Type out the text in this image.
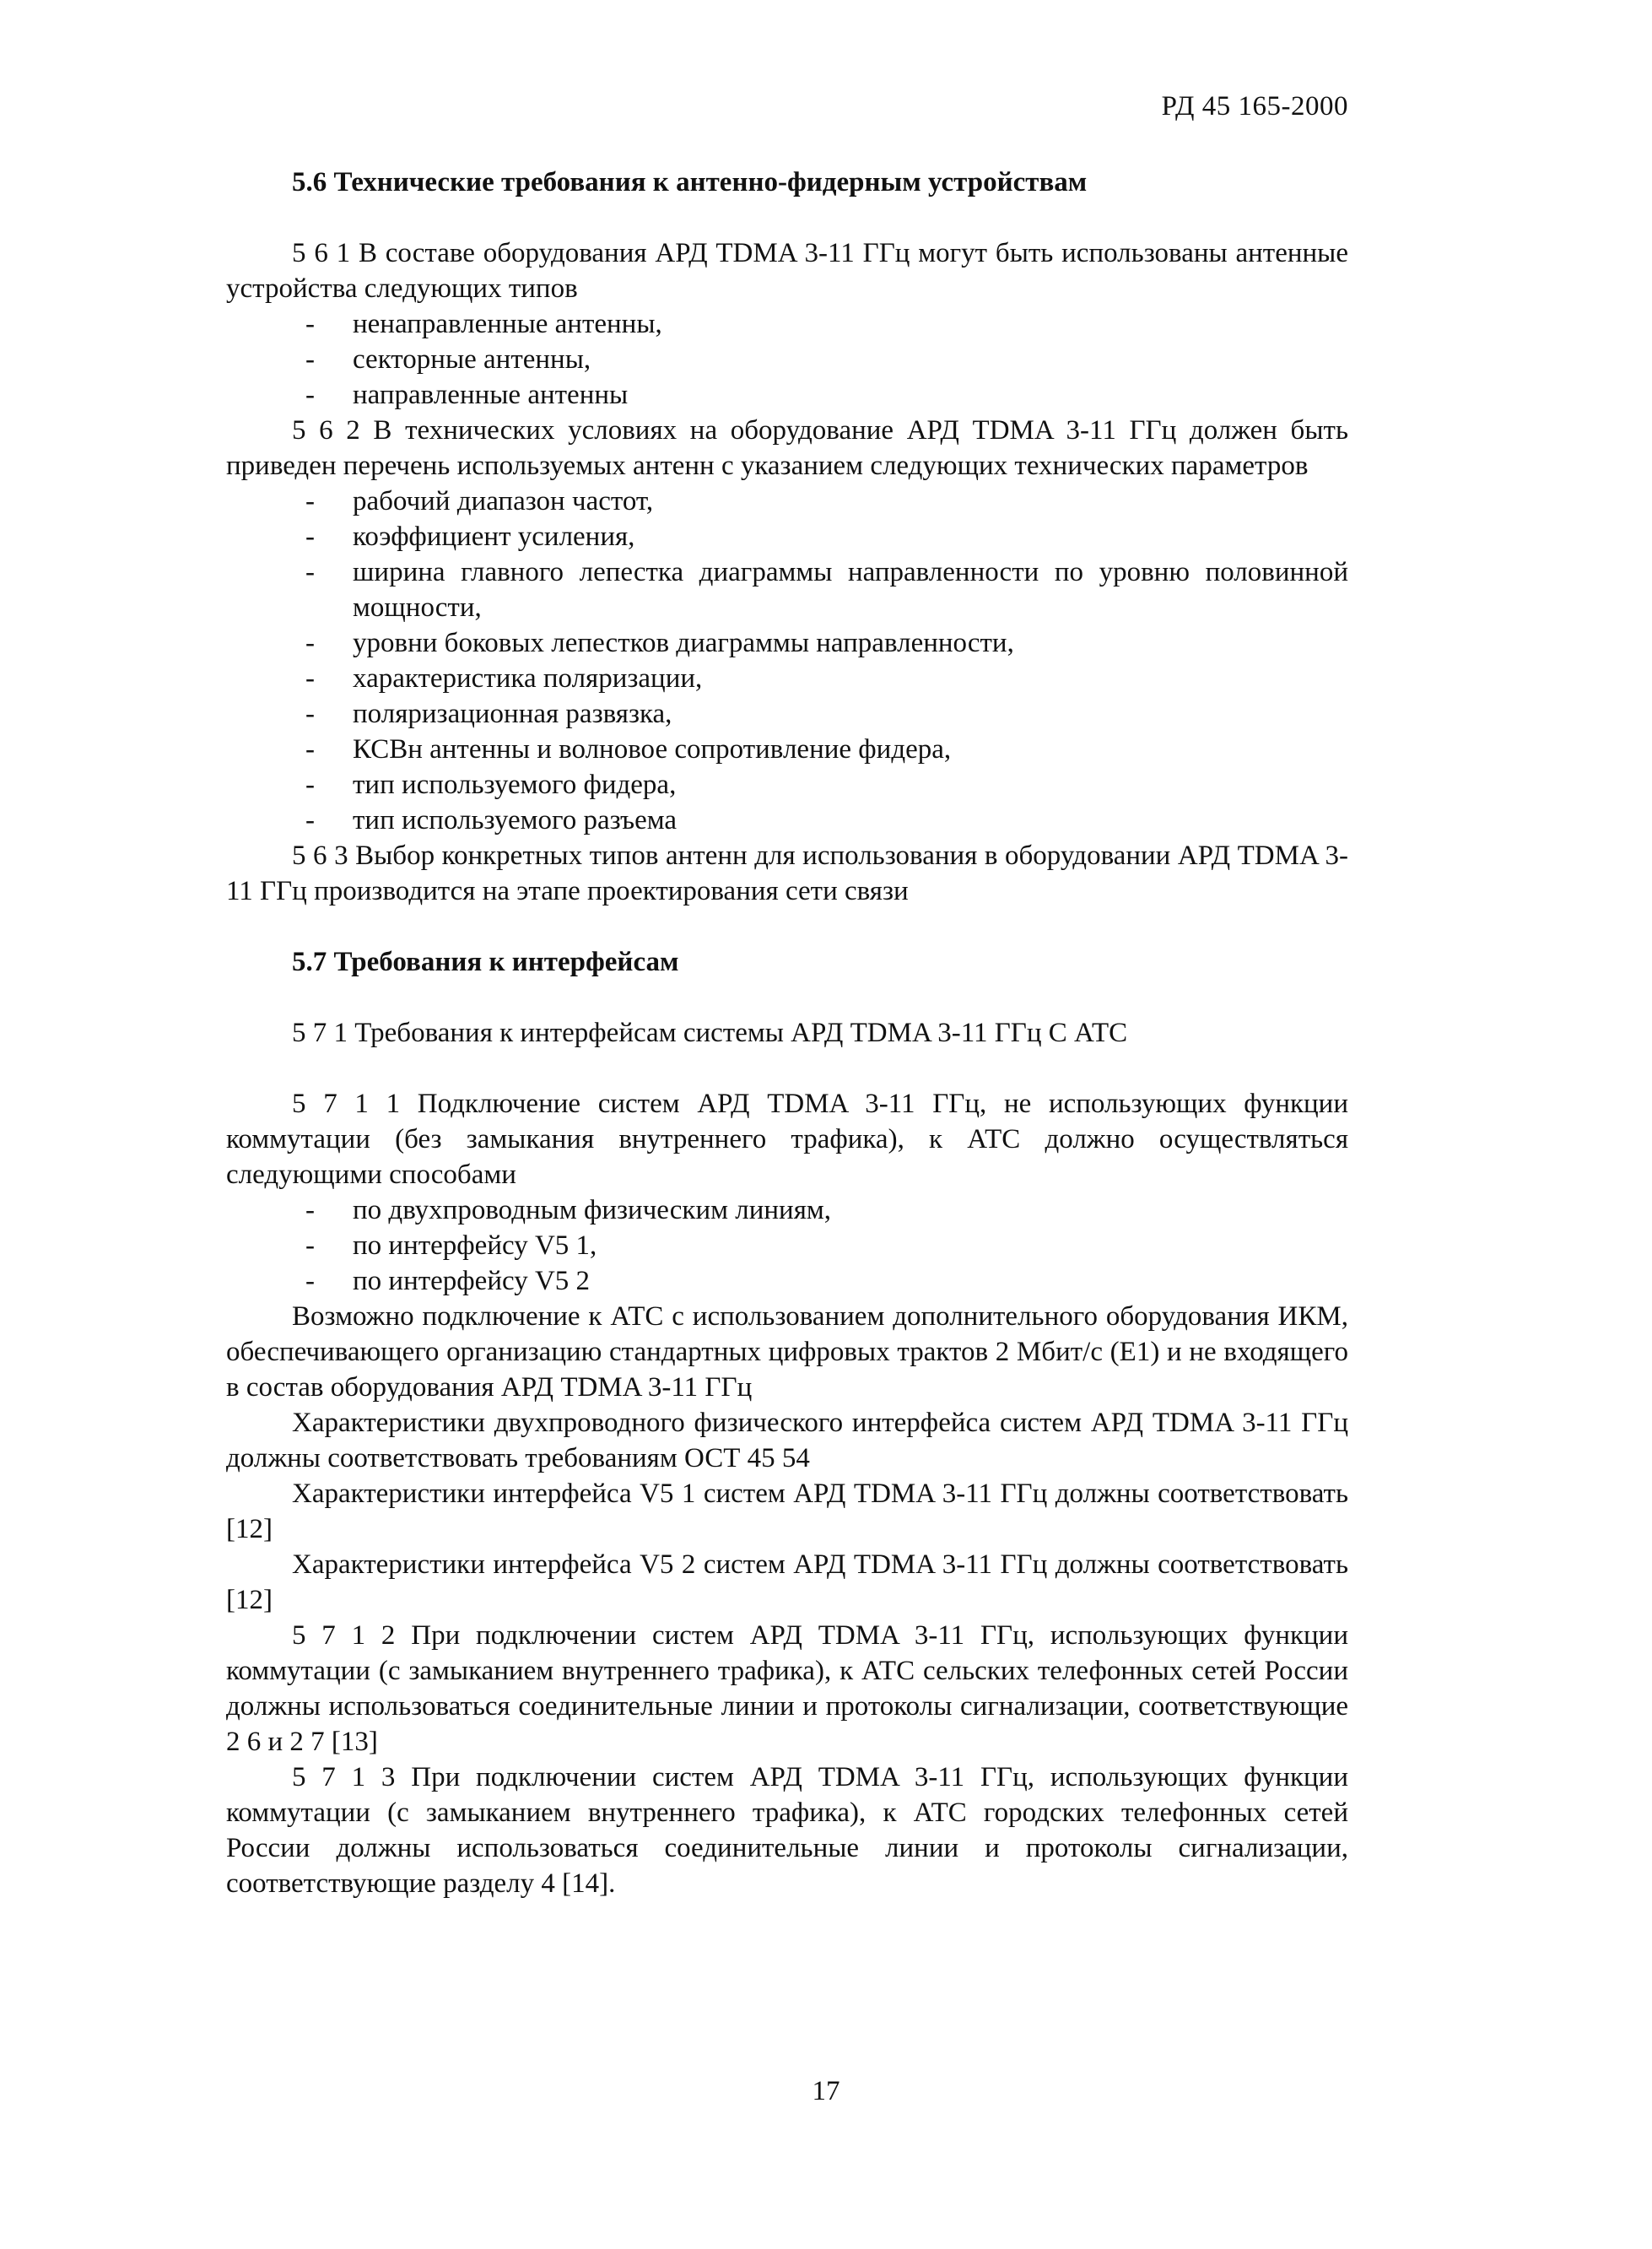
РД 45 165-2000
5.6 Технические требования к антенно-фидерным устройствам

5 6 1 В составе оборудования АРД TDMA 3-11 ГГц могут быть использованы антенные устройства следующих типов

- ненаправленные антенны,
- секторные антенны,
- направленные антенны

5 6 2 В технических условиях на оборудование АРД TDMA 3-11 ГГц должен быть приведен перечень используемых антенн с указанием следующих технических параметров

- рабочий диапазон частот,
- коэффициент усиления,
- ширина главного лепестка диаграммы направленности по уровню половинной мощности,
- уровни боковых лепестков диаграммы направленности,
- характеристика поляризации,
- поляризационная развязка,
- КСВн антенны и волновое сопротивление фидера,
- тип используемого фидера,
- тип используемого разъема

5 6 3 Выбор конкретных типов антенн для использования в оборудовании АРД TDMA 3-11 ГГц производится на этапе проектирования сети связи

5.7 Требования к интерфейсам

5 7 1 Требования к интерфейсам системы АРД TDMA 3-11 ГГц С АТС

5 7 1 1 Подключение систем АРД TDMA 3-11 ГГц, не использующих функции коммутации (без замыкания внутреннего трафика), к АТС должно осуществляться следующими способами

- по двухпроводным физическим линиям,
- по интерфейсу V5 1,
- по интерфейсу V5 2

Возможно подключение к АТС с использованием дополнительного оборудования ИКМ, обеспечивающего организацию стандартных цифровых трактов 2 Мбит/с (E1) и не входящего в состав оборудования АРД TDMA 3-11 ГГц

Характеристики двухпроводного физического интерфейса систем АРД TDMA 3-11 ГГц должны соответствовать требованиям ОСТ 45 54

Характеристики интерфейса V5 1 систем АРД TDMA 3-11 ГГц должны соответствовать [12]

Характеристики интерфейса V5 2 систем АРД TDMA 3-11 ГГц должны соответствовать [12]

5 7 1 2 При подключении систем АРД TDMA 3-11 ГГц, использующих функции коммутации (с замыканием внутреннего трафика), к АТС сельских телефонных сетей России должны использоваться соединительные линии и протоколы сигнализации, соответствующие 2 6 и 2 7 [13]

5 7 1 3 При подключении систем АРД TDMA 3-11 ГГц, использующих функции коммутации (с замыканием внутреннего трафика), к АТС городских телефонных сетей России должны использоваться соединительные линии и протоколы сигнализации, соответствующие разделу 4 [14].

17
